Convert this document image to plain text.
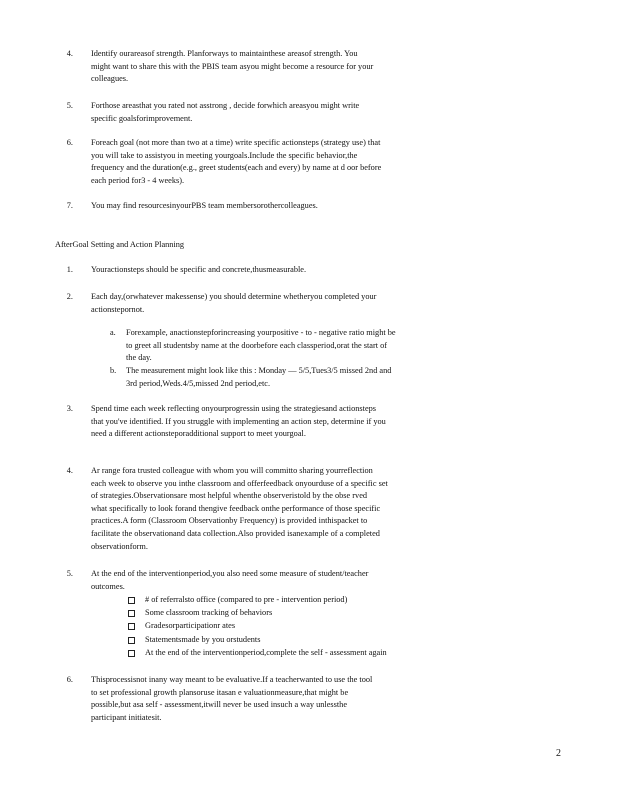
4. Identify ourareasof strength. Planforways to maintainthese areasof strength. You
might want to share this with the PBIS team asyou might become a resource for your
colleagues.
5. Forthose areasthat you rated not asstrong , decide forwhich areasyou might write
specific goalsforimprovement.
6. Foreach goal (not more than two at a time) write specific actionsteps (strategy use) that
you will take to assistyou in meeting yourgoals.Include the specific behavior,the
frequency and the duration(e.g., greet students(each and every) by name at d oor before
each period for3 - 4 weeks).
7. You may find resourcesinyourPBS team membersorothercolleagues.
AfterGoal Setting and Action Planning
1. Youractionsteps should be specific and concrete,thusmeasurable.
2. Each day,(orwhatever makessense) you should determine whetheryou completed your
actionstepornot.
a. Forexample, anactionstepforincreasing yourpositive - to - negative ratio might be
to greet all studentsby name at the doorbefore each classperiod,orat the start of
the day.
b. The measurement might look like this : Monday — 5/5,Tues3/5 missed 2nd and
3rd period,Weds.4/5,missed 2nd period,etc.
3. Spend time each week reflecting onyourprogressin using the strategiesand actionsteps
that you've identified. If you struggle with implementing an action step, determine if you
need a different actionsteporadditional support to meet yourgoal.
4. Ar range fora trusted colleague with whom you will committo sharing yourreflection
each week to observe you inthe classroom and offerfeedback onyourduse of a specific set
of strategies.Observationsare most helpful whenthe observeristold by the obse rved
what specifically to look forand thengive feedback onthe performance of those specific
practices.A form (Classroom Observationby Frequency) is provided inthispacket to
facilitate the observationand data collection.Also provided isanexample of a completed
observationform.
5. At the end of the interventionperiod,you also need some measure of student/teacher
outcomes.
# of referralsto office (compared to pre - intervention period)
Some classroom tracking of behaviors
Gradesorparticipationr ates
Statementsmade by you orstudents
At the end of the interventionperiod,complete the self - assessment again
6. Thisprocessisnot inany way meant to be evaluative.If a teacherwanted to use the tool
to set professional growth plansoruse itasan e valuationmeasure,that might be
possible,but asa self - assessment,itwill never be used insuch a way unlessthe
participant initiatesit.
2
